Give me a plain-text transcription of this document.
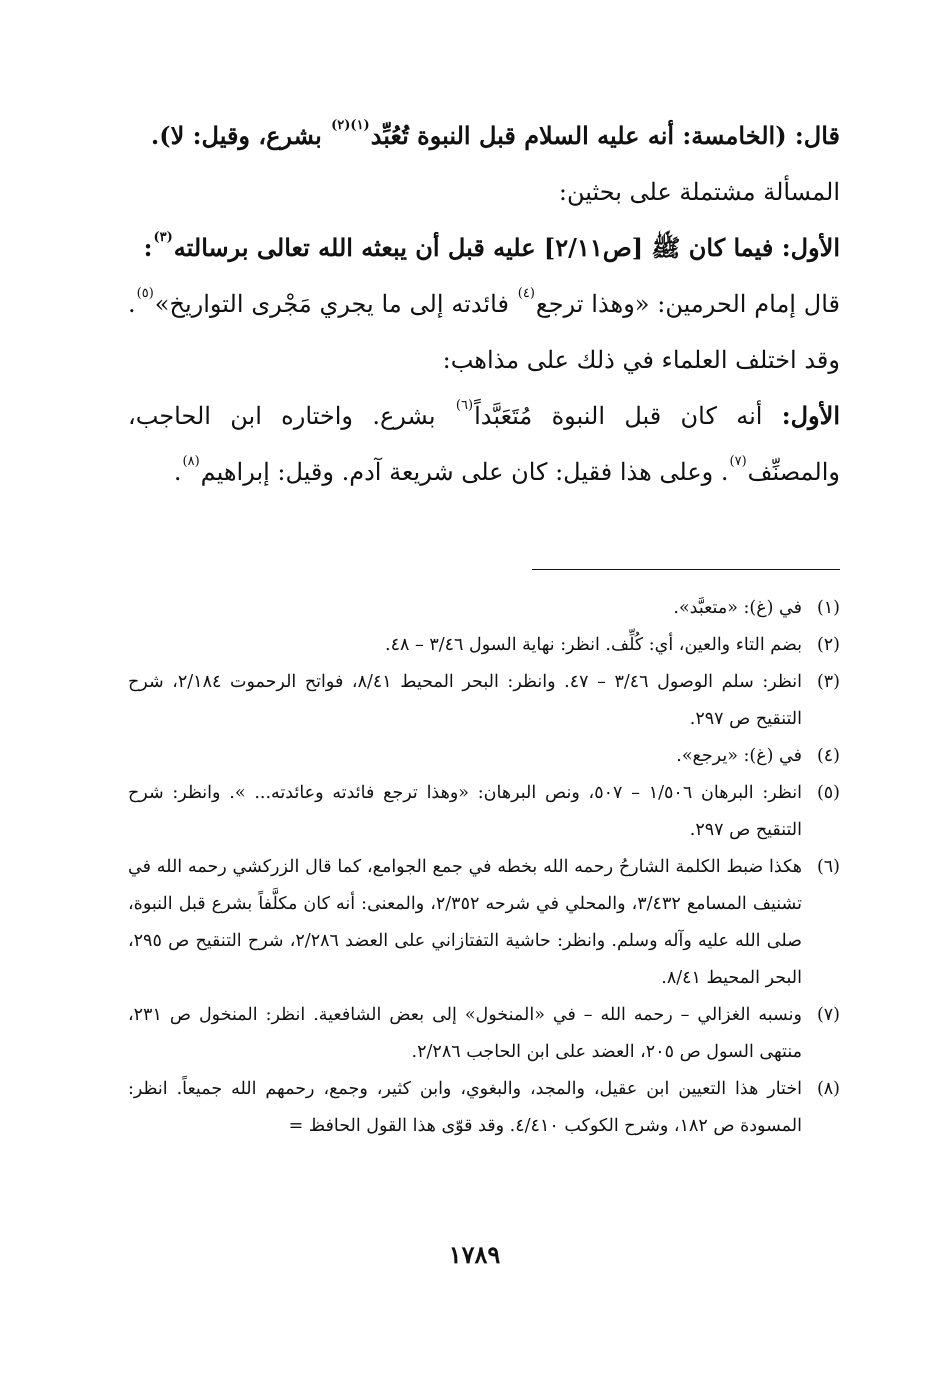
قال: (الخامسة: أنه عليه السلام قبل النبوة تُعُبِّد$^{(١)(٢)}$ بشرع، وقيل: لا).
المسألة مشتملة على بحثين:
الأول: فيما كان ﷺ [ص٢/١١] عليه قبل أن يبعثه الله تعالى برسالته$^{(٣)}$:
قال إمام الحرمين: «وهذا ترجع$^{(٤)}$ فائدته إلى ما يجري مَجْرى التواريخ»$^{(٥)}$. وقد اختلف العلماء في ذلك على مذاهب:
الأول: أنه كان قبل النبوة مُتَعَبَّداً$^{(٦)}$ بشرع. واختاره ابن الحاجب، والمصنِّف$^{(٧)}$. وعلى هذا فقيل: كان على شريعة آدم. وقيل: إبراهيم$^{(٨)}$.
(١)
في (غ): «متعبَّد».
(٢)
بضم التاء والعين، أي: كُلِّف. انظر: نهاية السول ٣/٤٦ – ٤٨.
(٣)
انظر: سلم الوصول ٣/٤٦ – ٤٧. وانظر: البحر المحيط ٨/٤١، فواتح الرحموت ٢/١٨٤، شرح التنقيح ص ٢٩٧.
(٤)
في (غ): «يرجع».
(٥)
انظر: البرهان ١/٥٠٦ – ٥٠٧، ونص البرهان: «وهذا ترجع فائدته وعائدته... ». وانظر: شرح التنقيح ص ٢٩٧.
(٦)
هكذا ضبط الكلمة الشارحُ رحمه الله بخطه في جمع الجوامع، كما قال الزركشي رحمه الله في تشنيف المسامع ٣/٤٣٢، والمحلي في شرحه ٢/٣٥٢، والمعنى: أنه كان مكلَّفاً بشرع قبل النبوة، صلى الله عليه وآله وسلم. وانظر: حاشية التفتازاني على العضد ٢/٢٨٦، شرح التنقيح ص ٢٩٥، البحر المحيط ٨/٤١.
(٧)
ونسبه الغزالي – رحمه الله – في «المنخول» إلى بعض الشافعية. انظر: المنخول ص ٢٣١، منتهى السول ص ٢٠٥، العضد على ابن الحاجب ٢/٢٨٦.
(٨)
اختار هذا التعيين ابن عقيل، والمجد، والبغوي، وابن كثير، وجمع، رحمهم الله جميعاً. انظر: المسودة ص ١٨٢، وشرح الكوكب ٤/٤١٠. وقد قوّى هذا القول الحافظ =
١٧٨٩
